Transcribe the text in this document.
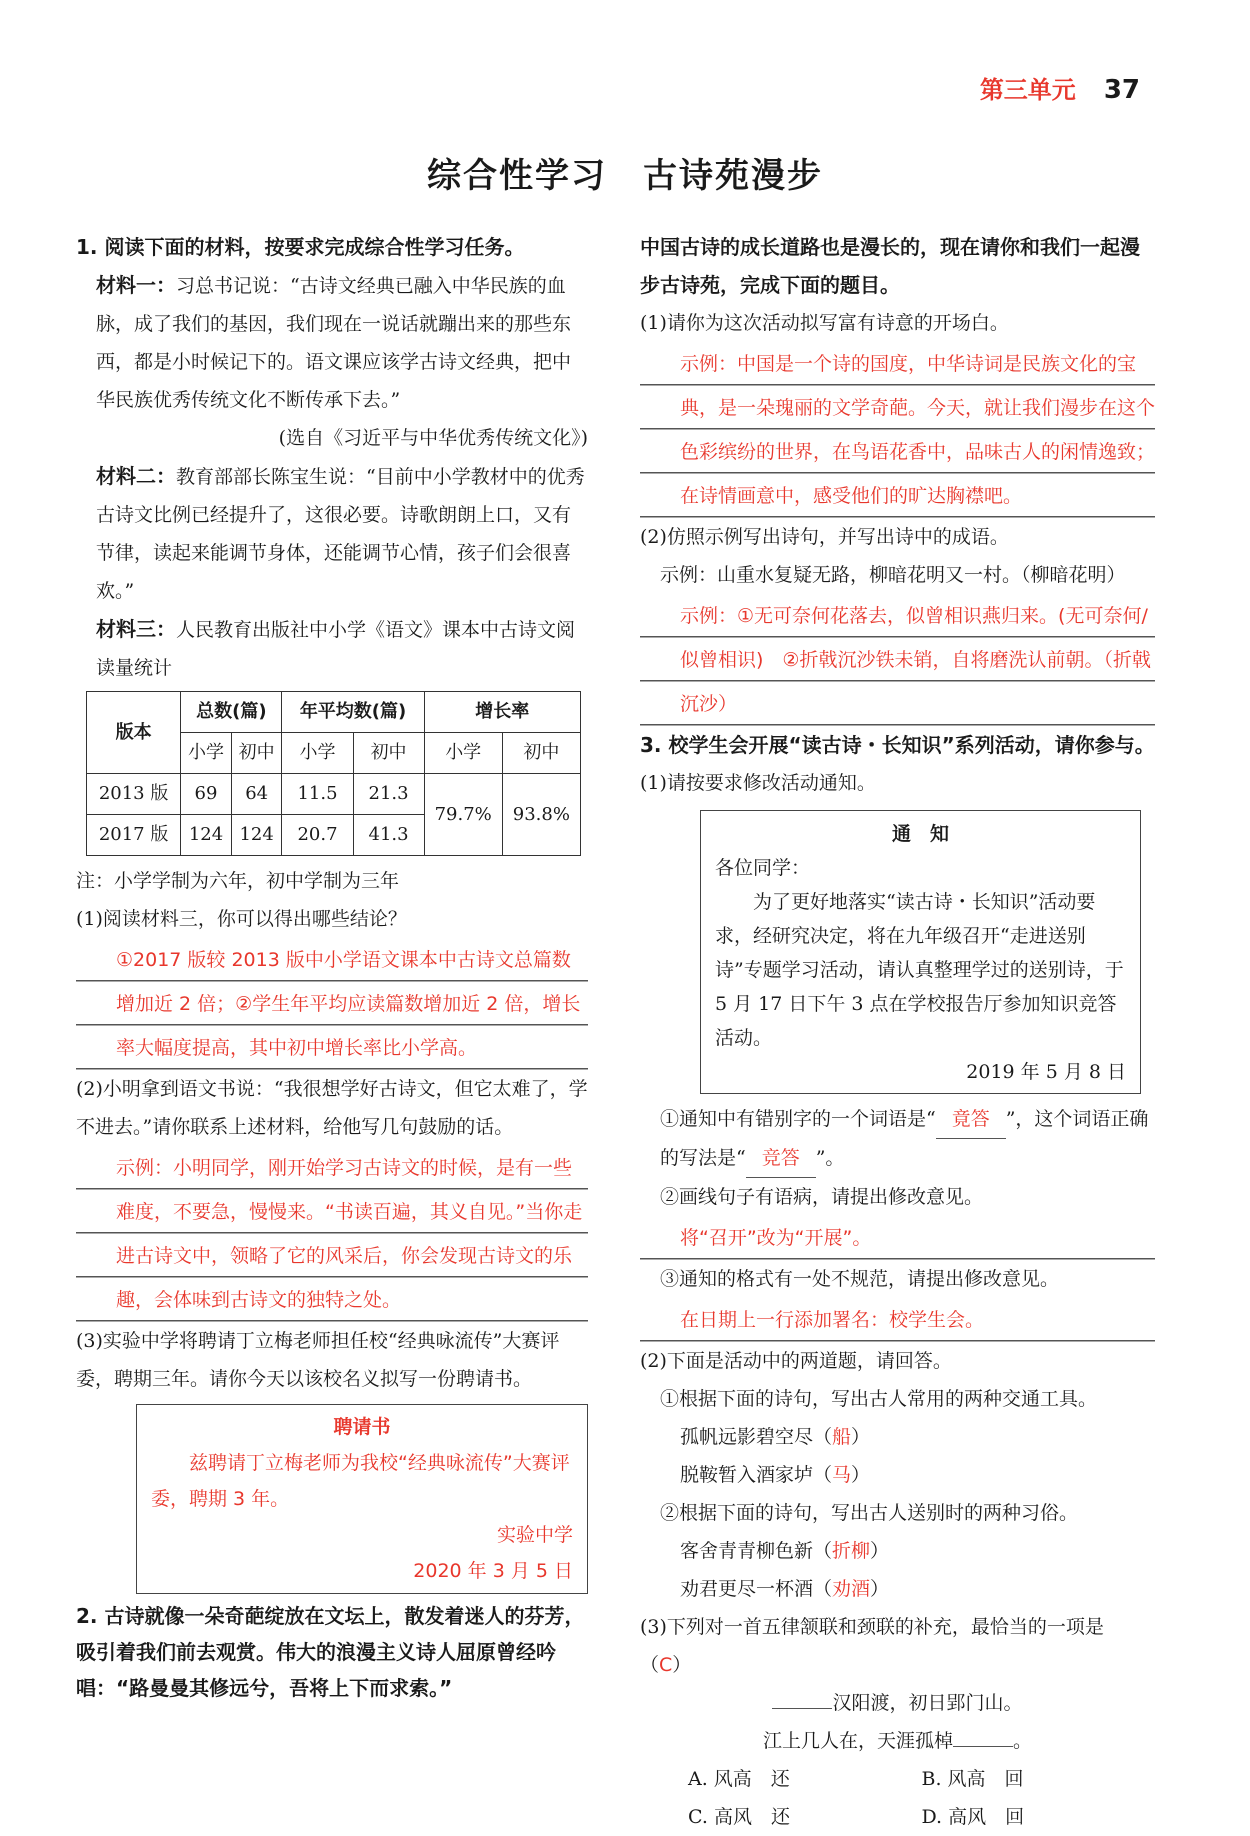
第三单元 37
综合性学习　古诗苑漫步

1. 阅读下面的材料，按要求完成综合性学习任务。

材料一：习总书记说：“古诗文经典已融入中华民族的血脉，成了我们的基因，我们现在一说话就蹦出来的那些东西，都是小时候记下的。语文课应该学古诗文经典，把中华民族优秀传统文化不断传承下去。”

(选自《习近平与中华优秀传统文化》)

材料二：教育部部长陈宝生说：“目前中小学教材中的优秀古诗文比例已经提升了，这很必要。诗歌朗朗上口，又有节律，读起来能调节身体，还能调节心情，孩子们会很喜欢。”

材料三：人民教育出版社中小学《语文》课本中古诗文阅读量统计

版本	总数(篇)		年平均数(篇)		增长率	
	小学	初中	小学	初中	小学	初中
2013 版	69	64	11.5	21.3	79.7%	93.8%
2017 版	124	124	20.7	41.3		

注：小学学制为六年，初中学制为三年

(1)阅读材料三，你可以得出哪些结论？

①2017 版较 2013 版中小学语文课本中古诗文总篇数增加近 2 倍；②学生年平均应读篇数增加近 2 倍，增长率大幅度提高，其中初中增长率比小学高。

(2)小明拿到语文书说：“我很想学好古诗文，但它太难了，学不进去。”请你联系上述材料，给他写几句鼓励的话。

示例：小明同学，刚开始学习古诗文的时候，是有一些难度，不要急，慢慢来。“书读百遍，其义自见。”当你走进古诗文中，领略了它的风采后，你会发现古诗文的乐趣，会体味到古诗文的独特之处。

(3)实验中学将聘请丁立梅老师担任校“经典咏流传”大赛评委，聘期三年。请你今天以该校名义拟写一份聘请书。

聘请书
兹聘请丁立梅老师为我校“经典咏流传”大赛评委，聘期 3 年。
实验中学
2020 年 3 月 5 日

2. 古诗就像一朵奇葩绽放在文坛上，散发着迷人的芬芳，吸引着我们前去观赏。伟大的浪漫主义诗人屈原曾经吟唱：“路曼曼其修远兮，吾将上下而求索。”

中国古诗的成长道路也是漫长的，现在请你和我们一起漫步古诗苑，完成下面的题目。

(1)请你为这次活动拟写富有诗意的开场白。

示例：中国是一个诗的国度，中华诗词是民族文化的宝典，是一朵瑰丽的文学奇葩。今天，就让我们漫步在这个色彩缤纷的世界，在鸟语花香中，品味古人的闲情逸致；在诗情画意中，感受他们的旷达胸襟吧。

(2)仿照示例写出诗句，并写出诗中的成语。

示例：山重水复疑无路，柳暗花明又一村。（柳暗花明）

示例：①无可奈何花落去，似曾相识燕归来。(无可奈何/似曾相识)　②折戟沉沙铁未销，自将磨洗认前朝。（折戟沉沙）

3. 校学生会开展“读古诗・长知识”系列活动，请你参与。

(1)请按要求修改活动通知。

通　知
各位同学：
为了更好地落实“读古诗・长知识”活动要求，经研究决定，将在九年级召开“走进送别诗”专题学习活动，请认真整理学过的送别诗，于 5 月 17 日下午 3 点在学校报告厅参加知识竞答活动。
2019 年 5 月 8 日

①通知中有错别字的一个词语是“ 竟答 ”，这个词语正确的写法是“ 竞答 ”。

②画线句子有语病，请提出修改意见。

将“召开”改为“开展”。

③通知的格式有一处不规范，请提出修改意见。

在日期上一行添加署名：校学生会。

(2)下面是活动中的两道题，请回答。

①根据下面的诗句，写出古人常用的两种交通工具。

孤帆远影碧空尽（船）

脱鞍暂入酒家垆（马）

②根据下面的诗句，写出古人送别时的两种习俗。

客舍青青柳色新（折柳）

劝君更尽一杯酒（劝酒）

(3)下列对一首五律颔联和颈联的补充，最恰当的一项是（C）

汉阳渡，初日郢门山。

江上几人在，天涯孤棹	。

A. 风高　还	B. 风高　回
C. 高风　还	D. 高风　回
